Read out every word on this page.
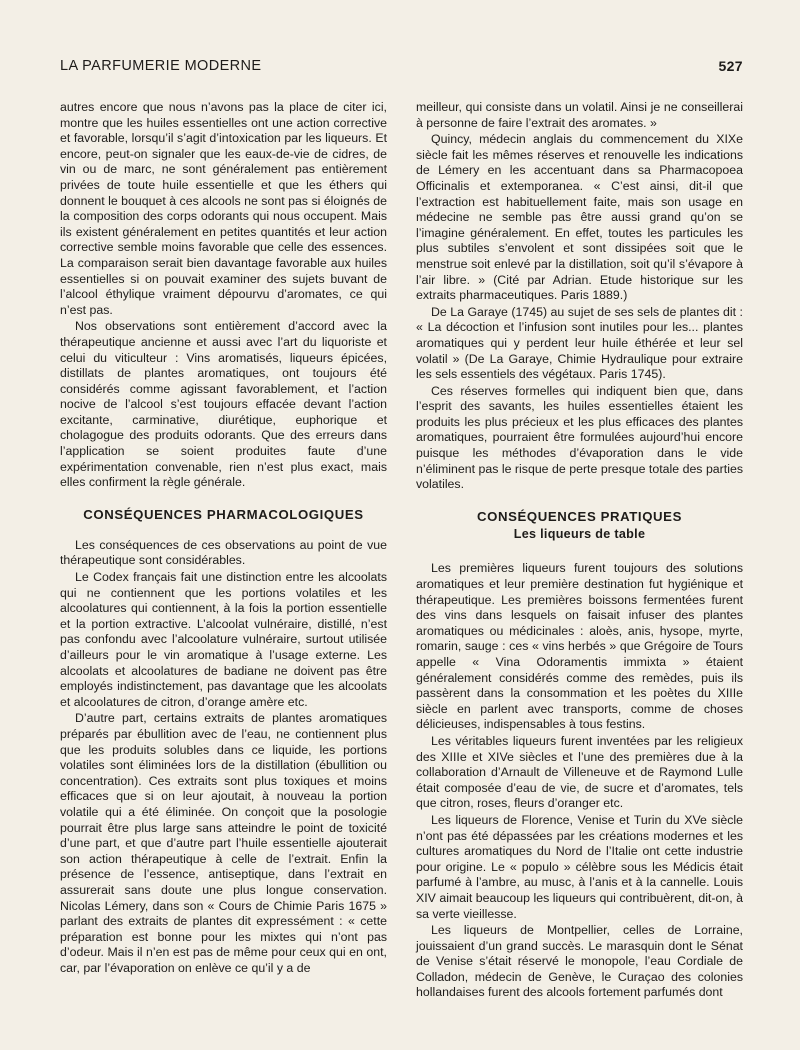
LA PARFUMERIE MODERNE	527

autres encore que nous n’avons pas la place de citer ici, montre que les huiles essentielles ont une action corrective et favorable, lorsqu’il s’agit d’intoxication par les liqueurs. Et encore, peut-on signaler que les eaux-de-vie de cidres, de vin ou de marc, ne sont généralement pas entièrement privées de toute huile essentielle et que les éthers qui donnent le bouquet à ces alcools ne sont pas si éloignés de la composition des corps odorants qui nous occupent. Mais ils existent généralement en petites quantités et leur action corrective semble moins favorable que celle des essences. La comparaison serait bien davantage favorable aux huiles essentielles si on pouvait examiner des sujets buvant de l’alcool éthylique vraiment dépourvu d’aromates, ce qui n’est pas.

Nos observations sont entièrement d’accord avec la thérapeutique ancienne et aussi avec l’art du liquoriste et celui du viticulteur : Vins aromatisés, liqueurs épicées, distillats de plantes aromatiques, ont toujours été considérés comme agissant favorablement, et l’action nocive de l’alcool s’est toujours effacée devant l’action excitante, carminative, diurétique, euphorique et cholagogue des produits odorants. Que des erreurs dans l’application se soient produites faute d’une expérimentation convenable, rien n’est plus exact, mais elles confirment la règle générale.

CONSÉQUENCES PHARMACOLOGIQUES

Les conséquences de ces observations au point de vue thérapeutique sont considérables.

Le Codex français fait une distinction entre les alcoolats qui ne contiennent que les portions volatiles et les alcoolatures qui contiennent, à la fois la portion essentielle et la portion extractive. L’alcoolat vulnéraire, distillé, n’est pas confondu avec l’alcoolature vulnéraire, surtout utilisée d’ailleurs pour le vin aromatique à l’usage externe. Les alcoolats et alcoolatures de badiane ne doivent pas être employés indistinctement, pas davantage que les alcoolats et alcoolatures de citron, d’orange amère etc.

D’autre part, certains extraits de plantes aromatiques préparés par ébullition avec de l’eau, ne contiennent plus que les produits solubles dans ce liquide, les portions volatiles sont éliminées lors de la distillation (ébullition ou concentration). Ces extraits sont plus toxiques et moins efficaces que si on leur ajoutait, à nouveau la portion volatile qui a été éliminée. On conçoit que la posologie pourrait être plus large sans atteindre le point de toxicité d’une part, et que d’autre part l’huile essentielle ajouterait son action thérapeutique à celle de l’extrait. Enfin la présence de l’essence, antiseptique, dans l’extrait en assurerait sans doute une plus longue conservation. Nicolas Lémery, dans son « Cours de Chimie Paris 1675 » parlant des extraits de plantes dit expressément : « cette préparation est bonne pour les mixtes qui n’ont pas d’odeur. Mais il n’en est pas de même pour ceux qui en ont, car, par l’évaporation on enlève ce qu’il y a de

meilleur, qui consiste dans un volatil. Ainsi je ne conseillerai à personne de faire l’extrait des aromates. »

Quincy, médecin anglais du commencement du XIXe siècle fait les mêmes réserves et renouvelle les indications de Lémery en les accentuant dans sa Pharmacopoea Officinalis et extemporanea. « C’est ainsi, dit-il que l’extraction est habituellement faite, mais son usage en médecine ne semble pas être aussi grand qu’on se l’imagine généralement. En effet, toutes les particules les plus subtiles s’envolent et sont dissipées soit que le menstrue soit enlevé par la distillation, soit qu’il s’évapore à l’air libre. » (Cité par Adrian. Etude historique sur les extraits pharmaceutiques. Paris 1889.)

De La Garaye (1745) au sujet de ses sels de plantes dit : « La décoction et l’infusion sont inutiles pour les... plantes aromatiques qui y perdent leur huile éthérée et leur sel volatil » (De La Garaye, Chimie Hydraulique pour extraire les sels essentiels des végétaux. Paris 1745).

Ces réserves formelles qui indiquent bien que, dans l’esprit des savants, les huiles essentielles étaient les produits les plus précieux et les plus efficaces des plantes aromatiques, pourraient être formulées aujourd’hui encore puisque les méthodes d’évaporation dans le vide n’éliminent pas le risque de perte presque totale des parties volatiles.

CONSÉQUENCES PRATIQUES
Les liqueurs de table

Les premières liqueurs furent toujours des solutions aromatiques et leur première destination fut hygiénique et thérapeutique. Les premières boissons fermentées furent des vins dans lesquels on faisait infuser des plantes aromatiques ou médicinales : aloès, anis, hysope, myrte, romarin, sauge : ces « vins herbés » que Grégoire de Tours appelle « Vina Odoramentis immixta » étaient généralement considérés comme des remèdes, puis ils passèrent dans la consommation et les poètes du XIIIe siècle en parlent avec transports, comme de choses délicieuses, indispensables à tous festins.

Les véritables liqueurs furent inventées par les religieux des XIIIe et XIVe siècles et l’une des premières due à la collaboration d’Arnault de Villeneuve et de Raymond Lulle était composée d’eau de vie, de sucre et d’aromates, tels que citron, roses, fleurs d’oranger etc.

Les liqueurs de Florence, Venise et Turin du XVe siècle n’ont pas été dépassées par les créations modernes et les cultures aromatiques du Nord de l’Italie ont cette industrie pour origine. Le « populo » célèbre sous les Médicis était parfumé à l’ambre, au musc, à l’anis et à la cannelle. Louis XIV aimait beaucoup les liqueurs qui contribuèrent, dit-on, à sa verte vieillesse.

Les liqueurs de Montpellier, celles de Lorraine, jouissaient d’un grand succès. Le marasquin dont le Sénat de Venise s’était réservé le monopole, l’eau Cordiale de Colladon, médecin de Genève, le Curaçao des colonies hollandaises furent des alcools fortement parfumés dont
